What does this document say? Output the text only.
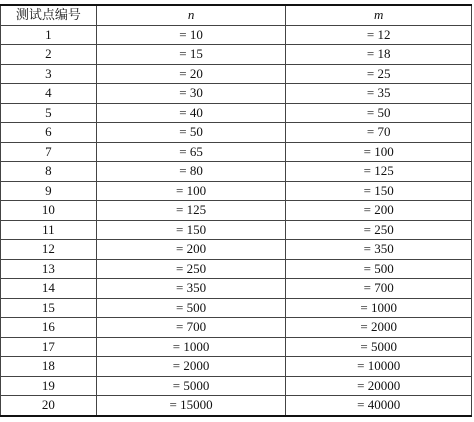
测试点编号	n	m
1	= 10	= 12
2	= 15	= 18
3	= 20	= 25
4	= 30	= 35
5	= 40	= 50
6	= 50	= 70
7	= 65	= 100
8	= 80	= 125
9	= 100	= 150
10	= 125	= 200
11	= 150	= 250
12	= 200	= 350
13	= 250	= 500
14	= 350	= 700
15	= 500	= 1000
16	= 700	= 2000
17	= 1000	= 5000
18	= 2000	= 10000
19	= 5000	= 20000
20	= 15000	= 40000
